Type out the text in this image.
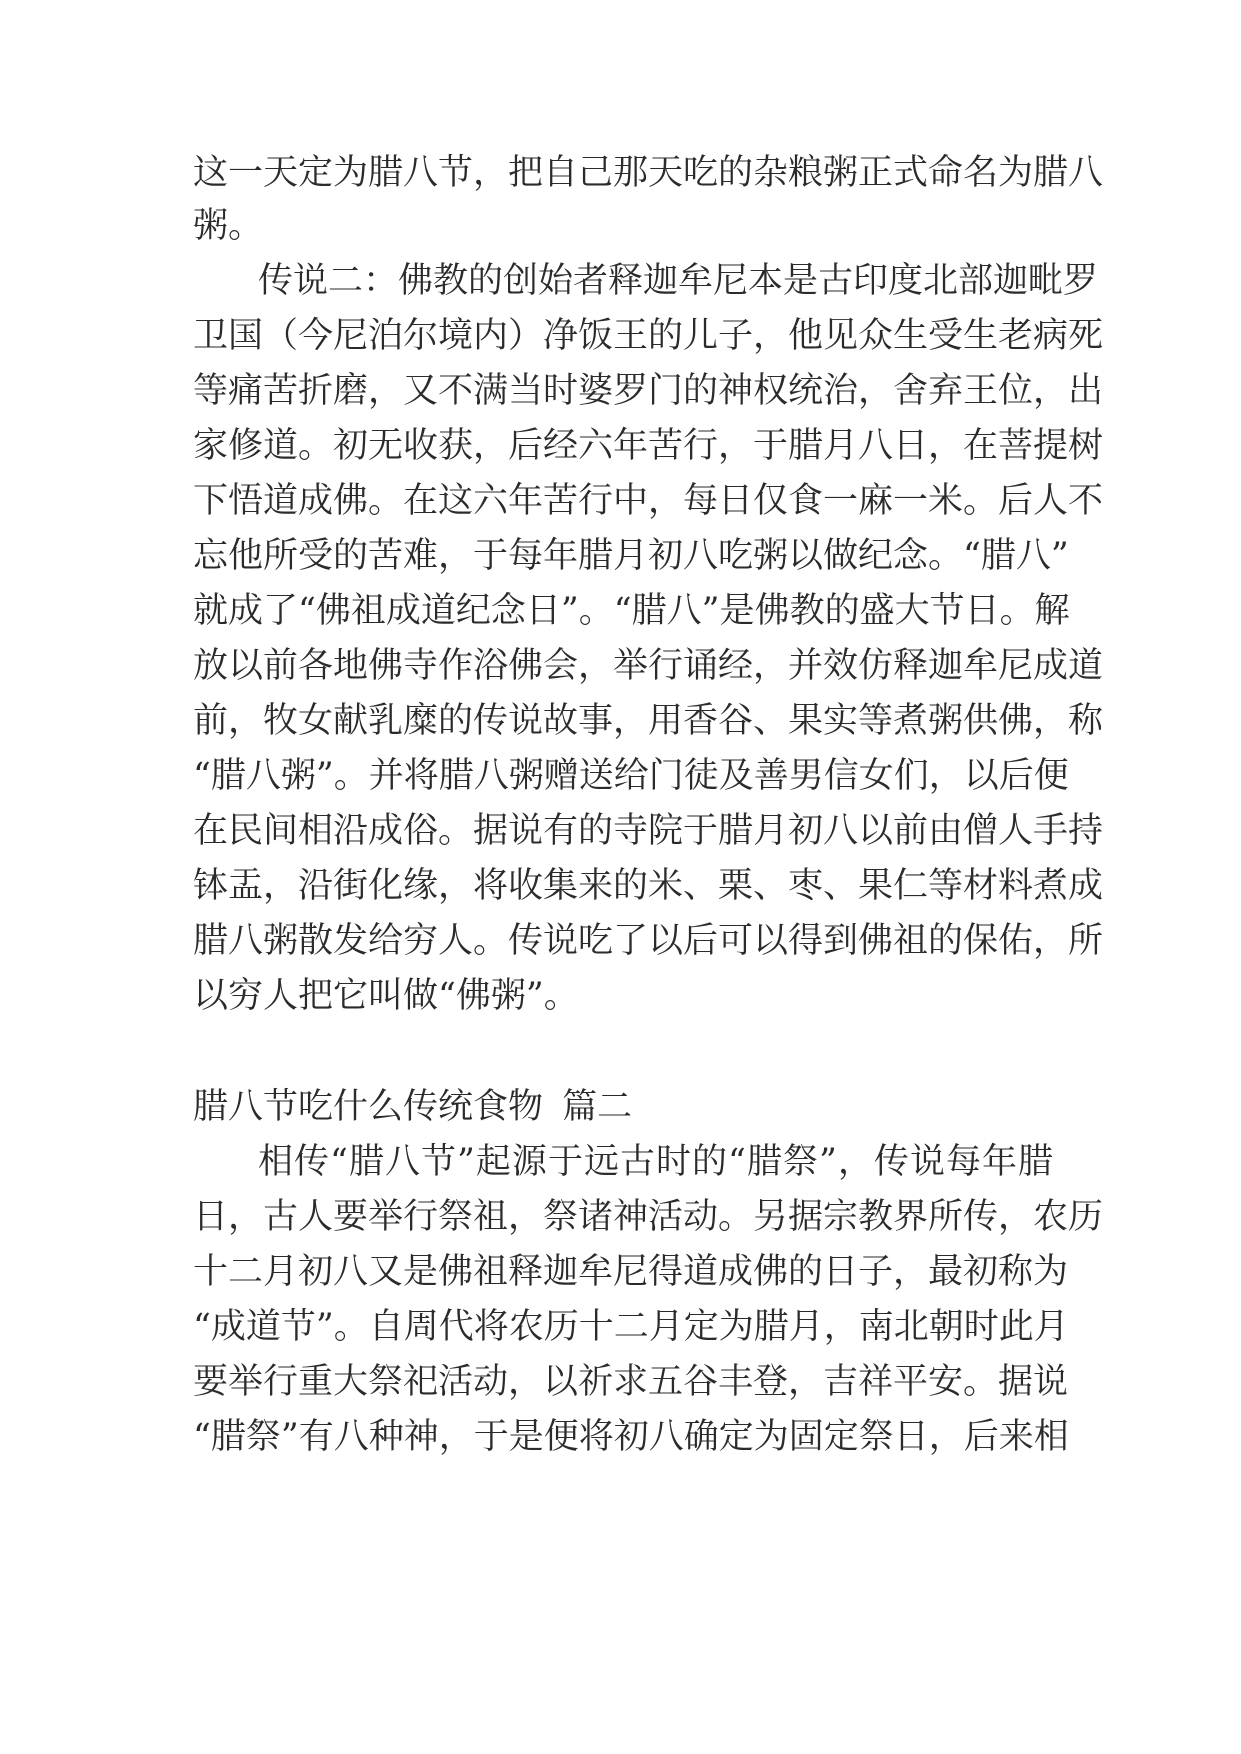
这一天定为腊八节，把自己那天吃的杂粮粥正式命名为腊八
粥。
传说二：佛教的创始者释迦牟尼本是古印度北部迦毗罗
卫国（今尼泊尔境内）净饭王的儿子，他见众生受生老病死
等痛苦折磨，又不满当时婆罗门的神权统治，舍弃王位，出
家修道。初无收获，后经六年苦行，于腊月八日，在菩提树
下悟道成佛。在这六年苦行中，每日仅食一麻一米。后人不
忘他所受的苦难，于每年腊月初八吃粥以做纪念。“腊八”
就成了“佛祖成道纪念日”。“腊八”是佛教的盛大节日。解
放以前各地佛寺作浴佛会，举行诵经，并效仿释迦牟尼成道
前，牧女献乳糜的传说故事，用香谷、果实等煮粥供佛，称
“腊八粥”。并将腊八粥赠送给门徒及善男信女们，以后便
在民间相沿成俗。据说有的寺院于腊月初八以前由僧人手持
钵盂，沿街化缘，将收集来的米、栗、枣、果仁等材料煮成
腊八粥散发给穷人。传说吃了以后可以得到佛祖的保佑，所
以穷人把它叫做“佛粥”。
腊八节吃什么传统食物 篇二
相传“腊八节”起源于远古时的“腊祭”，传说每年腊
日，古人要举行祭祖，祭诸神活动。另据宗教界所传，农历
十二月初八又是佛祖释迦牟尼得道成佛的日子，最初称为
“成道节”。自周代将农历十二月定为腊月，南北朝时此月
要举行重大祭祀活动，以祈求五谷丰登，吉祥平安。据说
“腊祭”有八种神，于是便将初八确定为固定祭日，后来相
